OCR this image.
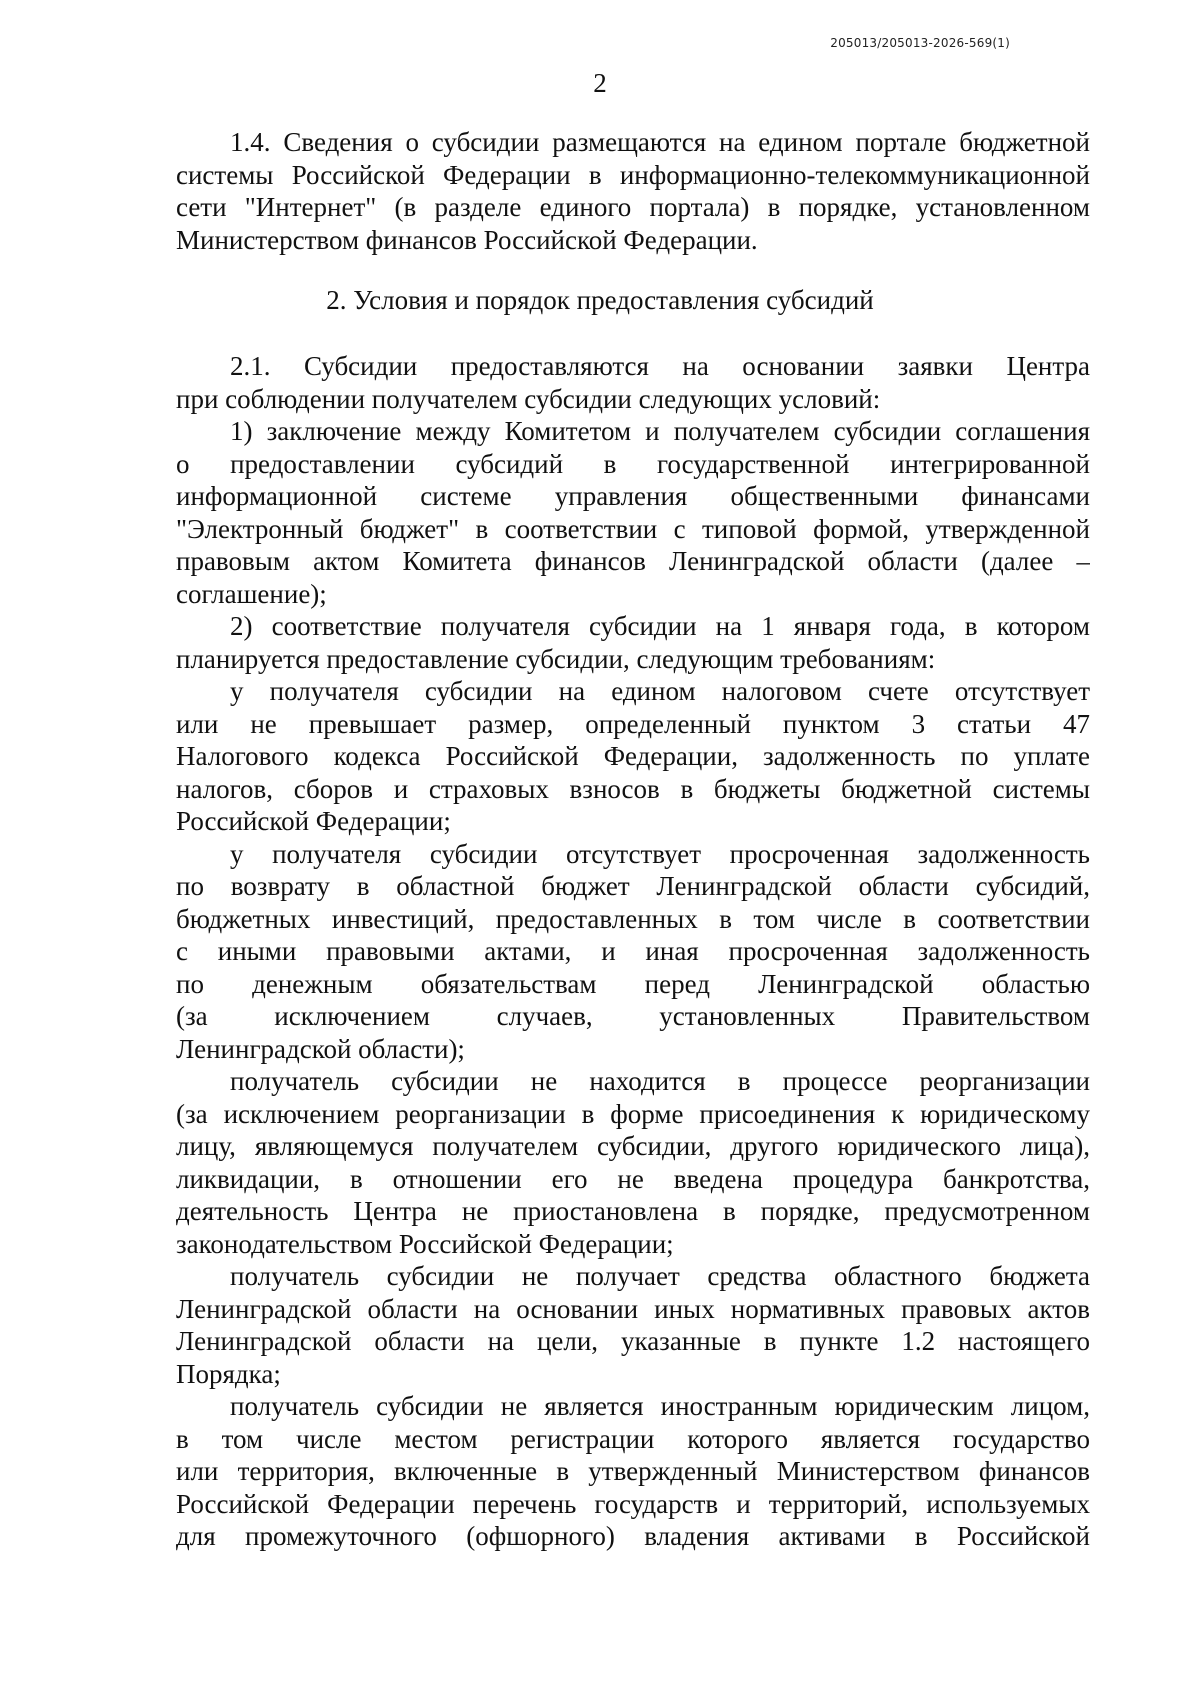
205013/205013-2026-569(1)
2
1.4. Сведения о субсидии размещаются на едином портале бюджетной
системы Российской Федерации в информационно-телекоммуникационной
сети "Интернет" (в разделе единого портала) в порядке, установленном
Министерством финансов Российской Федерации.
2. Условия и порядок предоставления субсидий
2.1. Субсидии предоставляются на основании заявки Центра
при соблюдении получателем субсидии следующих условий:
1) заключение между Комитетом и получателем субсидии соглашения
о предоставлении субсидий в государственной интегрированной
информационной системе управления общественными финансами
"Электронный бюджет" в соответствии с типовой формой, утвержденной
правовым актом Комитета финансов Ленинградской области (далее –
соглашение);
2) соответствие получателя субсидии на 1 января года, в котором
планируется предоставление субсидии, следующим требованиям:
у получателя субсидии на едином налоговом счете отсутствует
или не превышает размер, определенный пунктом 3 статьи 47
Налогового кодекса Российской Федерации, задолженность по уплате
налогов, сборов и страховых взносов в бюджеты бюджетной системы
Российской Федерации;
у получателя субсидии отсутствует просроченная задолженность
по возврату в областной бюджет Ленинградской области субсидий,
бюджетных инвестиций, предоставленных в том числе в соответствии
с иными правовыми актами, и иная просроченная задолженность
по денежным обязательствам перед Ленинградской областью
(за исключением случаев, установленных Правительством
Ленинградской области);
получатель субсидии не находится в процессе реорганизации
(за исключением реорганизации в форме присоединения к юридическому
лицу, являющемуся получателем субсидии, другого юридического лица),
ликвидации, в отношении его не введена процедура банкротства,
деятельность Центра не приостановлена в порядке, предусмотренном
законодательством Российской Федерации;
получатель субсидии не получает средства областного бюджета
Ленинградской области на основании иных нормативных правовых актов
Ленинградской области на цели, указанные в пункте 1.2 настоящего
Порядка;
получатель субсидии не является иностранным юридическим лицом,
в том числе местом регистрации которого является государство
или территория, включенные в утвержденный Министерством финансов
Российской Федерации перечень государств и территорий, используемых
для промежуточного (офшорного) владения активами в Российской
